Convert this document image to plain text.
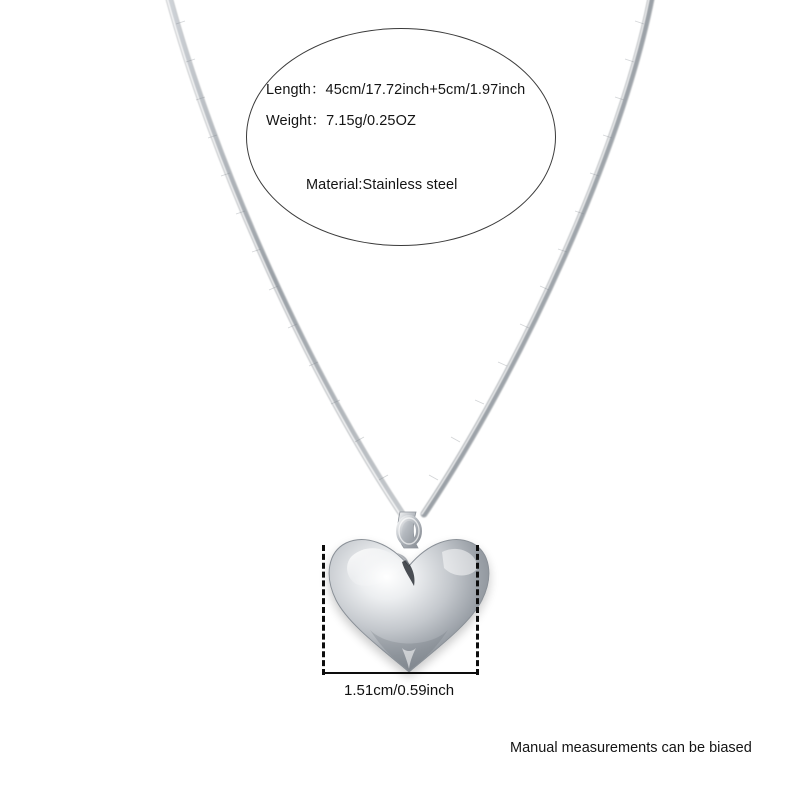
Length：45cm/17.72inch+5cm/1.97inch
Weight：7.15g/0.25OZ
Material:Stainless steel
1.51cm/0.59inch
Manual measurements can be biased
